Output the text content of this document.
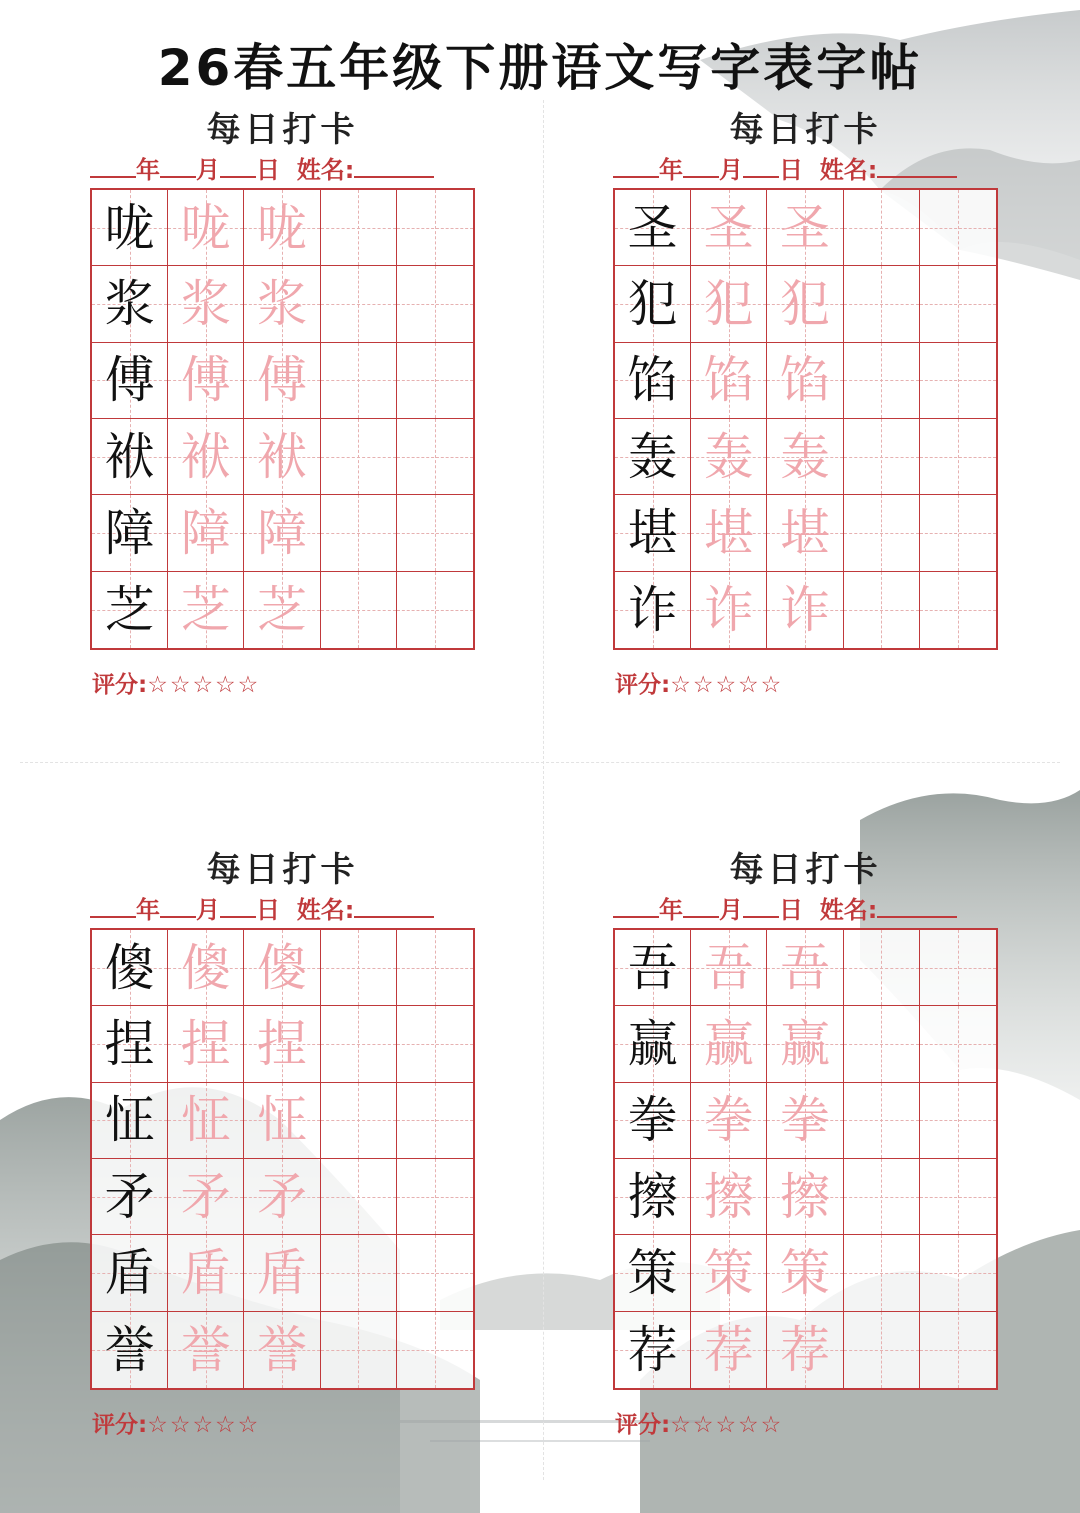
26春五年级下册语文写字表字帖
每日打卡
年 月 日 姓名:
咙 咙 咙
浆 浆 浆
傅 傅 傅
袱 袱 袱
障 障 障
芝 芝 芝
评分:☆☆☆☆☆
每日打卡
年 月 日 姓名:
圣 圣 圣
犯 犯 犯
馅 馅 馅
轰 轰 轰
堪 堪 堪
诈 诈 诈
评分:☆☆☆☆☆
每日打卡
年 月 日 姓名:
傻 傻 傻
捏 捏 捏
怔 怔 怔
矛 矛 矛
盾 盾 盾
誉 誉 誉
评分:☆☆☆☆☆
每日打卡
年 月 日 姓名:
吾 吾 吾
赢 赢 赢
拳 拳 拳
擦 擦 擦
策 策 策
荐 荐 荐
评分:☆☆☆☆☆
